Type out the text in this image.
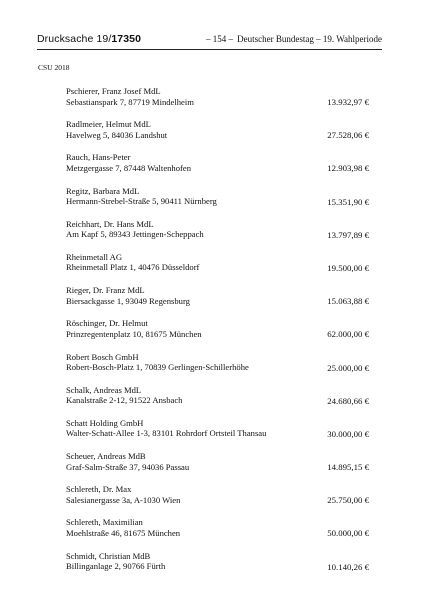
Drucksache 19/17350	– 154 – Deutscher Bundestag – 19. Wahlperiode
CSU 2018
Pschierer, Franz Josef MdL
Sebastianspark 7, 87719 Mindelheim	13.932,97 €
Radlmeier, Helmut MdL
Havelweg 5, 84036 Landshut	27.528,06 €
Rauch, Hans-Peter
Metzgergasse 7, 87448 Waltenhofen	12.903,98 €
Regitz, Barbara MdL
Hermann-Strebel-Straße 5, 90411 Nürnberg	15.351,90 €
Reichhart, Dr. Hans MdL
Am Kapf 5, 89343 Jettingen-Scheppach	13.797,89 €
Rheinmetall AG
Rheinmetall Platz 1, 40476 Düsseldorf	19.500,00 €
Rieger, Dr. Franz MdL
Biersackgasse 1, 93049 Regensburg	15.063,88 €
Röschinger, Dr. Helmut
Prinzregentenplatz 10, 81675 München	62.000,00 €
Robert Bosch GmbH
Robert-Bosch-Platz 1, 70839 Gerlingen-Schillerhöhe	25.000,00 €
Schalk, Andreas MdL
Kanalstraße 2-12, 91522 Ansbach	24.680,66 €
Schatt Holding GmbH
Walter-Schatt-Allee 1-3, 83101 Rohrdorf Ortsteil Thansau	30.000,00 €
Scheuer, Andreas MdB
Graf-Salm-Straße 37, 94036 Passau	14.895,15 €
Schlereth, Dr. Max
Salesianergasse 3a, A-1030 Wien	25.750,00 €
Schlereth, Maximilian
Moehlstraße 46, 81675 München	50.000,00 €
Schmidt, Christian MdB
Billinganlage 2, 90766 Fürth	10.140,26 €
